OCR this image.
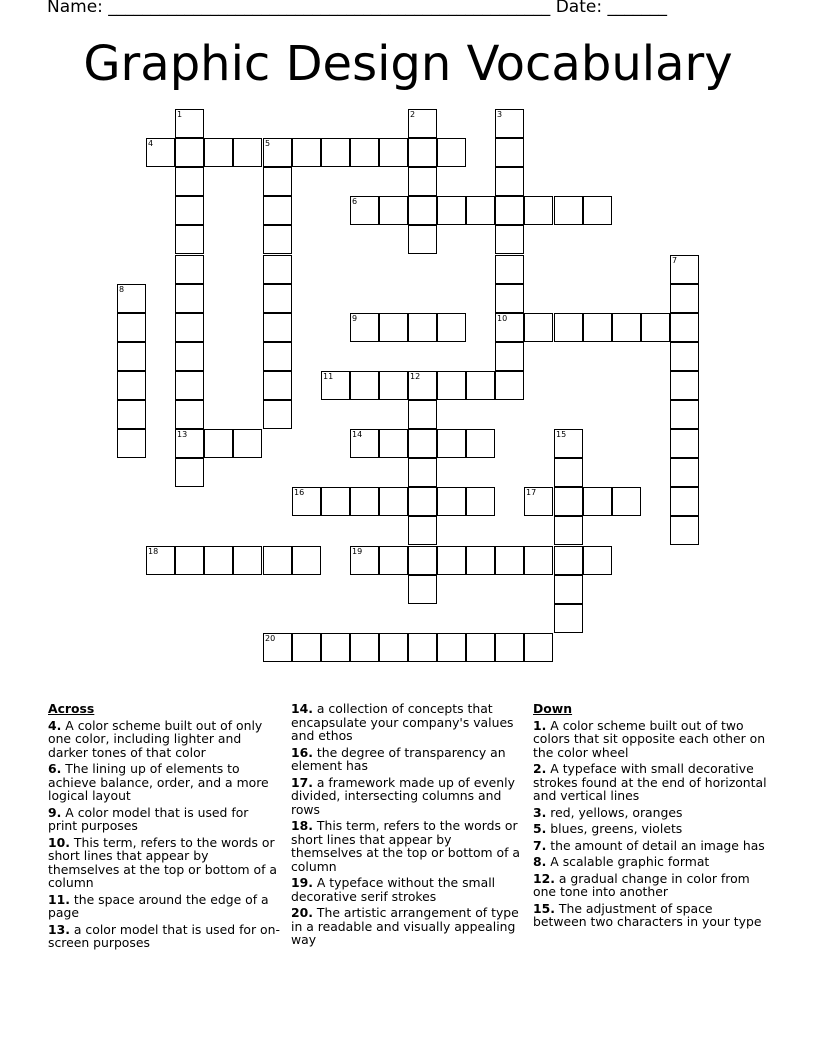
Name: ____________________________________________________ Date: _______
Graphic Design Vocabulary
1	2	3
4	5
6
7
8
9	10
11	12
13	14	15
16	17
18	19
20
Across
4. A color scheme built out of only one color, including lighter and darker tones of that color
6. The lining up of elements to achieve balance, order, and a more logical layout
9. A color model that is used for print purposes
10. This term, refers to the words or short lines that appear by themselves at the top or bottom of a column
11. the space around the edge of a page
13. a color model that is used for on-screen purposes
14. a collection of concepts that encapsulate your company's values and ethos
16. the degree of transparency an element has
17. a framework made up of evenly divided, intersecting columns and rows
18. This term, refers to the words or short lines that appear by themselves at the top or bottom of a column
19. A typeface without the small decorative serif strokes
20. The artistic arrangement of type in a readable and visually appealing way
Down
1. A color scheme built out of two colors that sit opposite each other on the color wheel
2. A typeface with small decorative strokes found at the end of horizontal and vertical lines
3. red, yellows, oranges
5. blues, greens, violets
7. the amount of detail an image has
8. A scalable graphic format
12. a gradual change in color from one tone into another
15. The adjustment of space between two characters in your type
